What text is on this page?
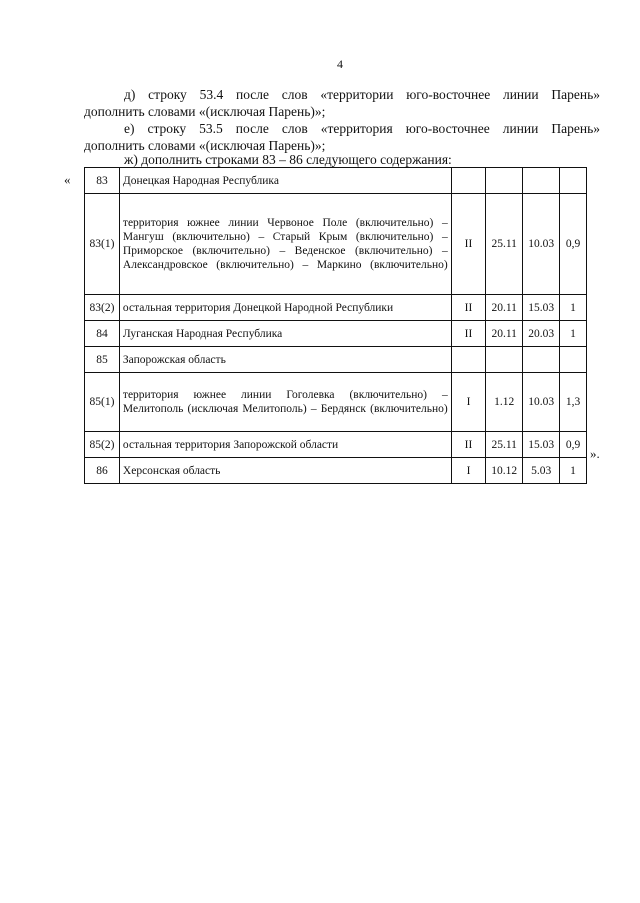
4
д) строку 53.4 после слов «территории юго-восточнее линии Парень»
дополнить словами «(исключая Парень)»;
е) строку 53.5 после слов «территория юго-восточнее линии Парень»
дополнить словами «(исключая Парень)»;
ж) дополнить строками 83 – 86 следующего содержания:
« 83	Донецкая Народная Республика				
83(1)	территория южнее линии Червоное Поле (включительно) – Мангуш (включительно) – Старый Крым (включительно) – Приморское (включительно) – Веденское (включительно) – Александровское (включительно) – Маркино (включительно)	II	25.11	10.03	0,9
83(2)	остальная территория Донецкой Народной Республики	II	20.11	15.03	1
84	Луганская Народная Республика	II	20.11	20.03	1
85	Запорожская область				
85(1)	территория южнее линии Гоголевка (включительно) – Мелитополь (исключая Мелитополь) – Бердянск (включительно)	I	1.12	10.03	1,3
85(2)	остальная территория Запорожской области	II	25.11	15.03	0,9
86	Херсонская область	I	10.12	5.03	1
».
